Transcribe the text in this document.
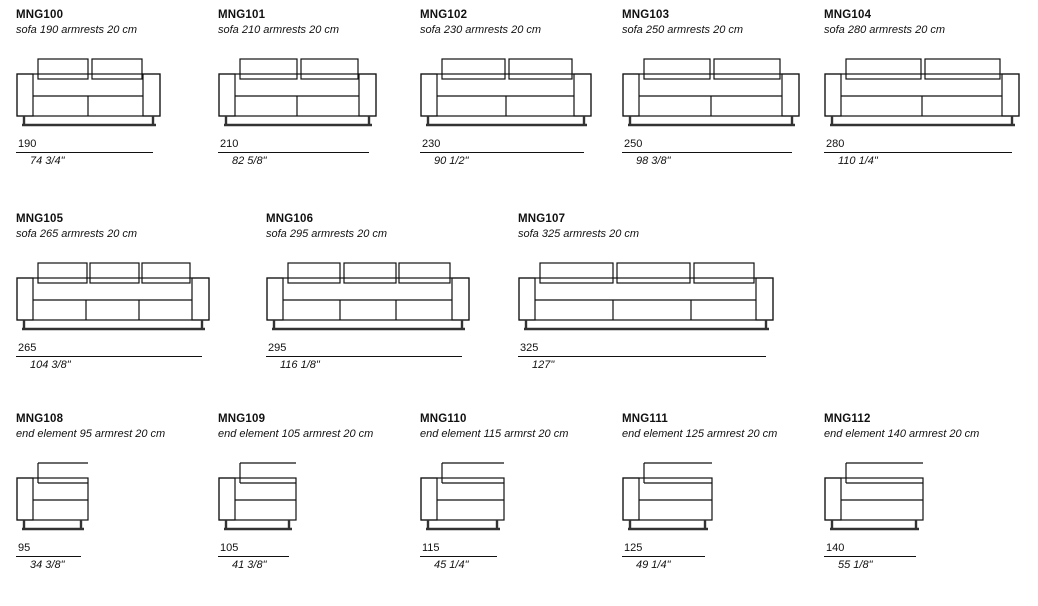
MNG100
sofa 190 armrests 20 cm
190
74 3/4"
MNG101
sofa 210 armrests 20 cm
210
82 5/8"
MNG102
sofa 230 armrests 20 cm
230
90 1/2"
MNG103
sofa 250 armrests 20 cm
250
98 3/8"
MNG104
sofa 280 armrests 20 cm
280
110 1/4"
MNG105
sofa 265 armrests 20 cm
265
104 3/8"
MNG106
sofa 295 armrests 20 cm
295
116 1/8"
MNG107
sofa 325 armrests 20 cm
325
127"
MNG108
end element 95 armrest 20 cm
95
34 3/8"
MNG109
end element 105 armrest 20 cm
105
41 3/8"
MNG110
end element 115 armrst 20 cm
115
45 1/4"
MNG111
end element 125 armrest 20 cm
125
49 1/4"
MNG112
end element 140 armrest 20 cm
140
55 1/8"
